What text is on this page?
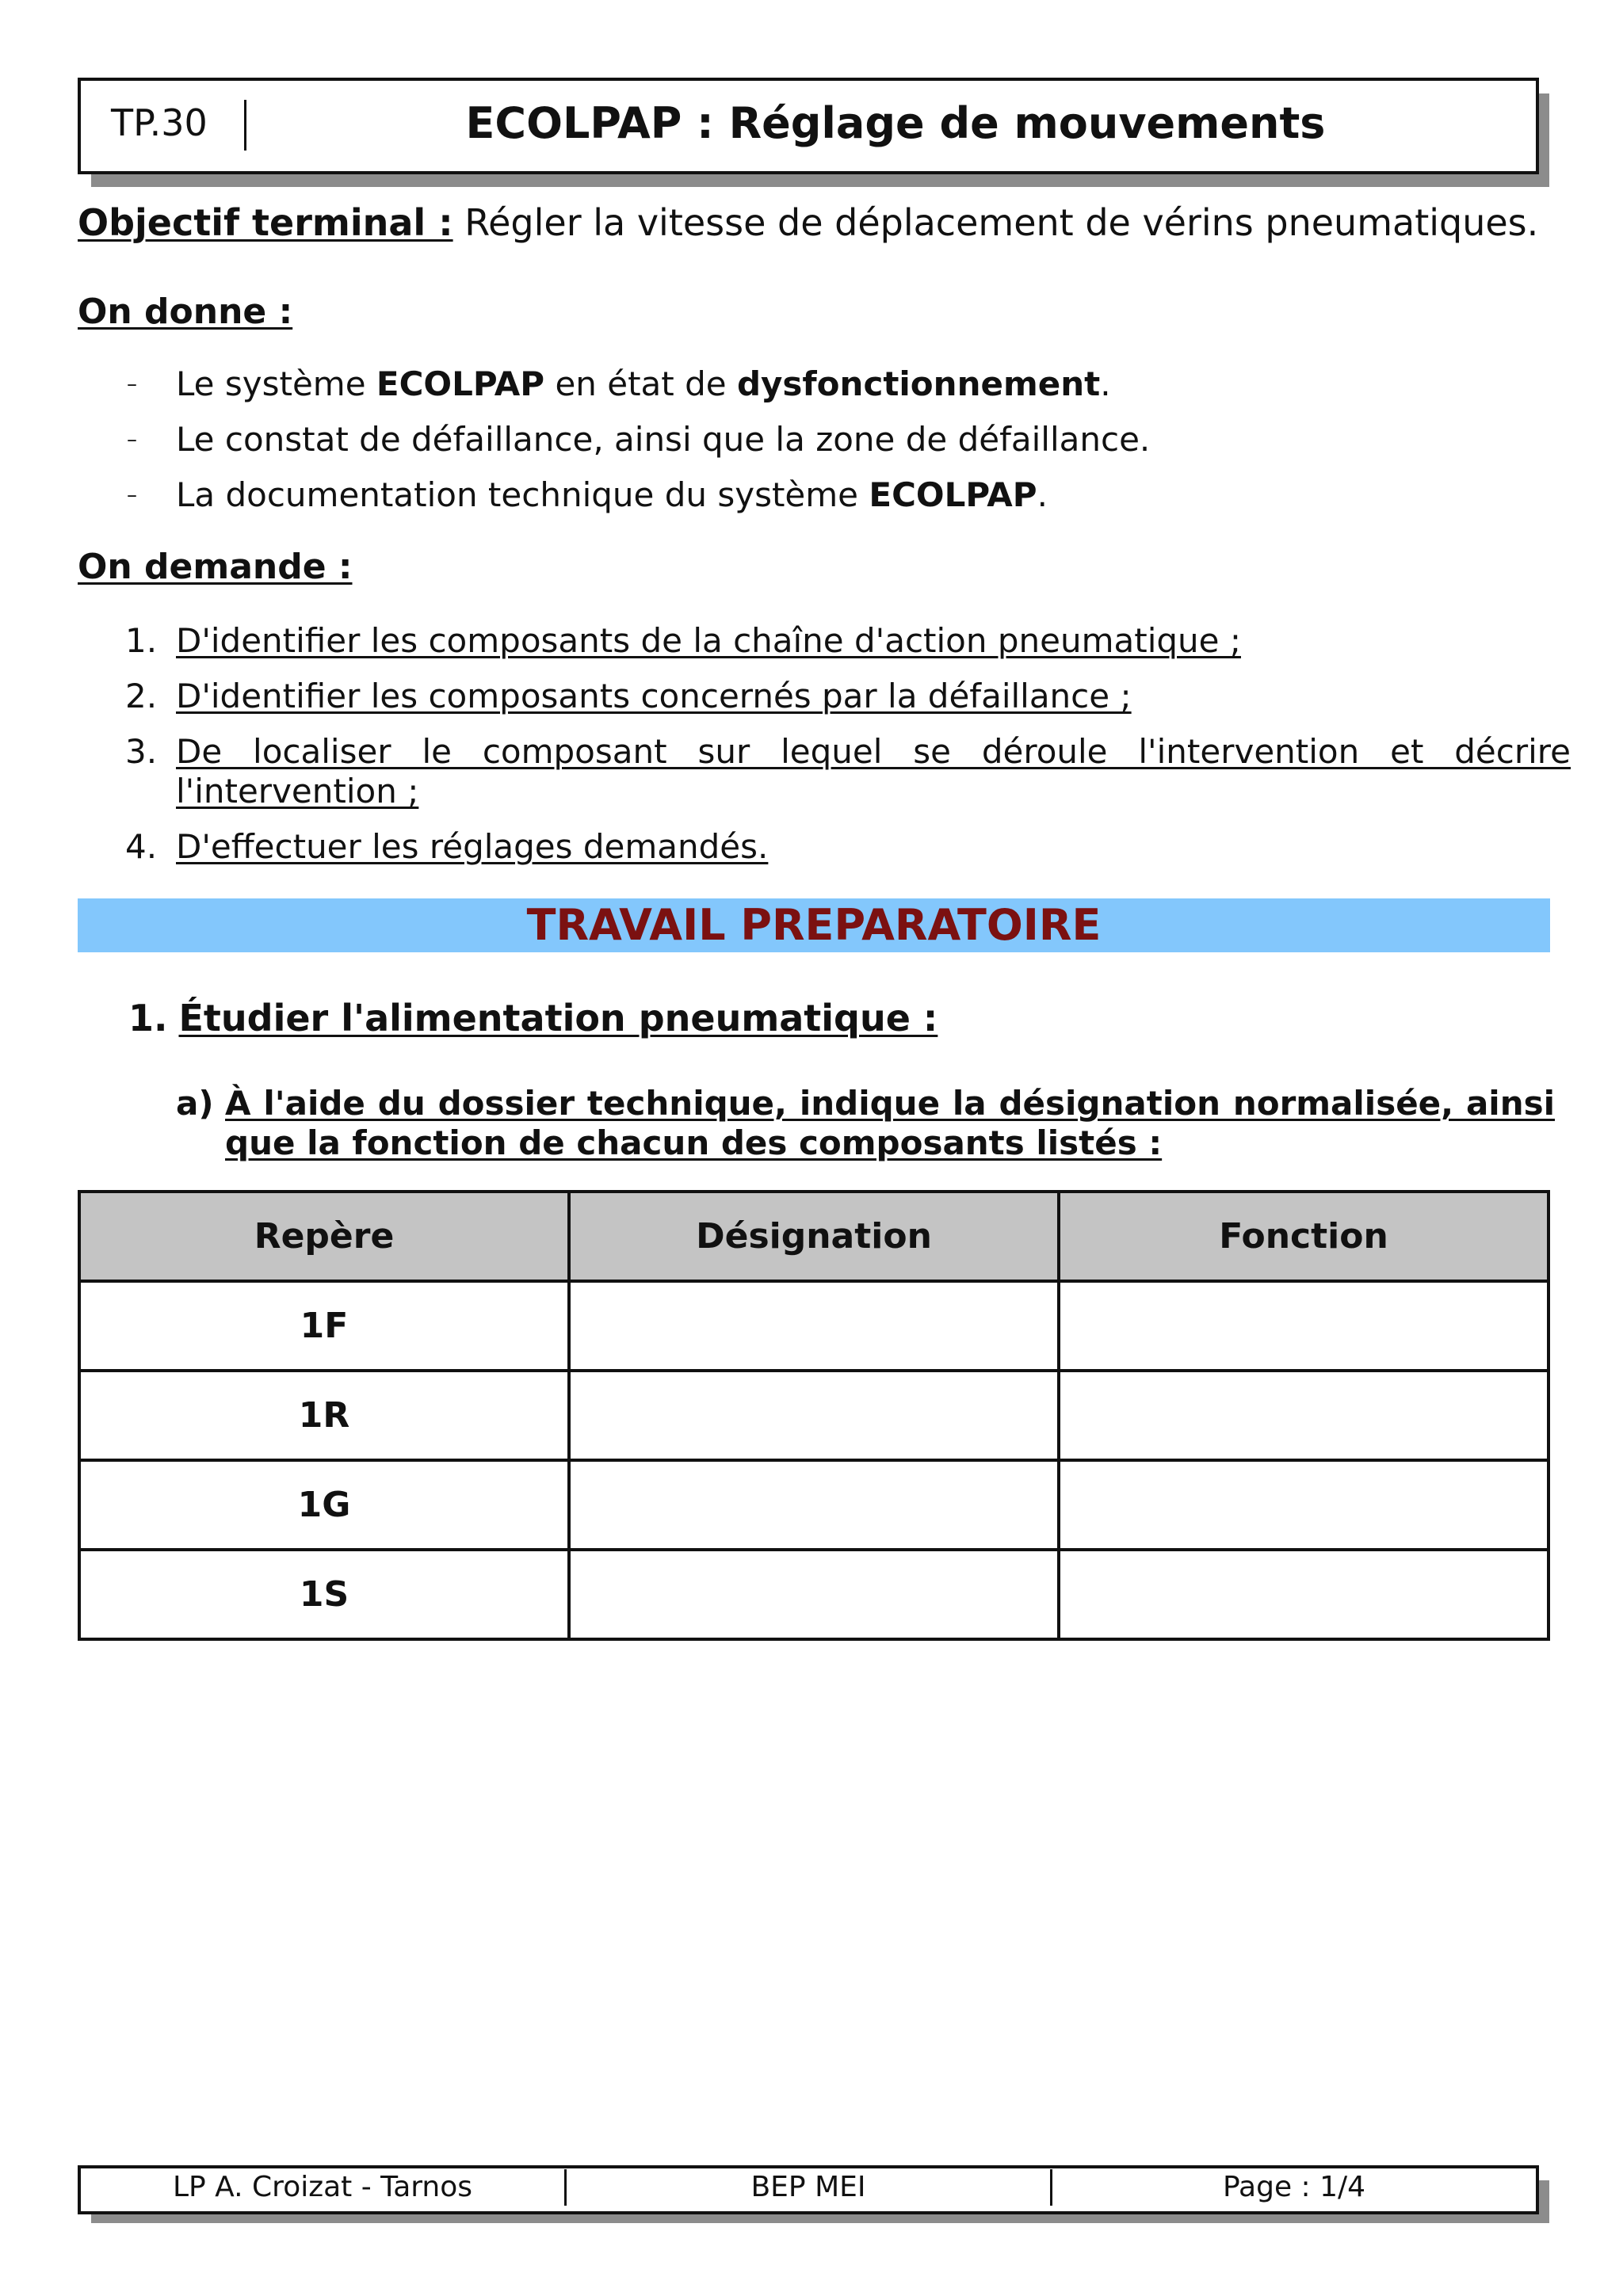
TP.30	ECOLPAP : Réglage de mouvements
Objectif terminal : Régler la vitesse de déplacement de vérins pneumatiques.
On donne :
– Le système ECOLPAP en état de dysfonctionnement.
– Le constat de défaillance, ainsi que la zone de défaillance.
– La documentation technique du système ECOLPAP.
On demande :
1. D'identifier les composants de la chaîne d'action pneumatique ;
2. D'identifier les composants concernés par la défaillance ;
3. De localiser le composant sur lequel se déroule l'intervention et décrire l'intervention ;
4. D'effectuer les réglages demandés.
TRAVAIL PREPARATOIRE
1. Étudier l'alimentation pneumatique :
a) À l'aide du dossier technique, indique la désignation normalisée, ainsi que la fonction de chacun des composants listés :
Repère	Désignation	Fonction
1F		
1R		
1G		
1S		
LP A. Croizat - Tarnos	BEP MEI	Page : 1/4
